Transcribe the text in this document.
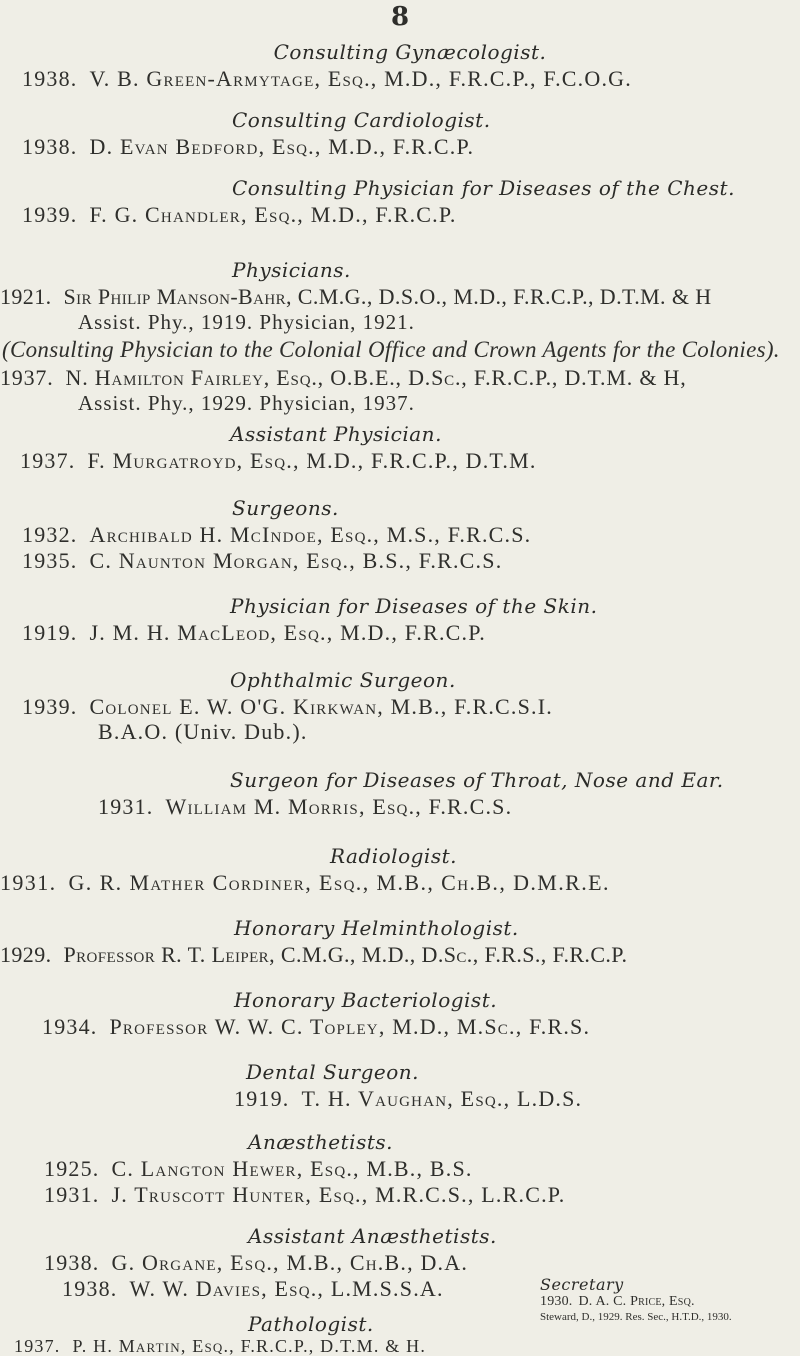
8
Consulting Gynæcologist.
1938. V. B. Green-Armytage, Esq., M.D., F.R.C.P., F.C.O.G.
Consulting Cardiologist.
1938. D. Evan Bedford, Esq., M.D., F.R.C.P.
Consulting Physician for Diseases of the Chest.
1939. F. G. Chandler, Esq., M.D., F.R.C.P.
Physicians.
1921. Sir Philip Manson-Bahr, C.M.G., D.S.O., M.D., F.R.C.P., D.T.M. & H
Assist. Phy., 1919. Physician, 1921.
(Consulting Physician to the Colonial Office and Crown Agents for the Colonies).
1937. N. Hamilton Fairley, Esq., O.B.E., D.Sc., F.R.C.P., D.T.M. & H,
Assist. Phy., 1929. Physician, 1937.
Assistant Physician.
1937. F. Murgatroyd, Esq., M.D., F.R.C.P., D.T.M.
Surgeons.
1932. Archibald H. McIndoe, Esq., M.S., F.R.C.S.
1935. C. Naunton Morgan, Esq., B.S., F.R.C.S.
Physician for Diseases of the Skin.
1919. J. M. H. MacLeod, Esq., M.D., F.R.C.P.
Ophthalmic Surgeon.
1939. Colonel E. W. O'G. Kirkwan, M.B., F.R.C.S.I.
B.A.O. (Univ. Dub.).
Surgeon for Diseases of Throat, Nose and Ear.
1931. William M. Morris, Esq., F.R.C.S.
Radiologist.
1931. G. R. Mather Cordiner, Esq., M.B., Ch.B., D.M.R.E.
Honorary Helminthologist.
1929. Professor R. T. Leiper, C.M.G., M.D., D.Sc., F.R.S., F.R.C.P.
Honorary Bacteriologist.
1934. Professor W. W. C. Topley, M.D., M.Sc., F.R.S.
Dental Surgeon.
1919. T. H. Vaughan, Esq., L.D.S.
Anæsthetists.
1925. C. Langton Hewer, Esq., M.B., B.S.
1931. J. Truscott Hunter, Esq., M.R.C.S., L.R.C.P.
Assistant Anæsthetists.
1938. G. Organe, Esq., M.B., Ch.B., D.A.
1938. W. W. Davies, Esq., L.M.S.S.A.
Pathologist.
1937. P. H. Martin, Esq., F.R.C.P., D.T.M. & H.
Secretary
1930. D. A. C. Price, Esq.
Steward, D., 1929. Res. Sec., H.T.D., 1930.
